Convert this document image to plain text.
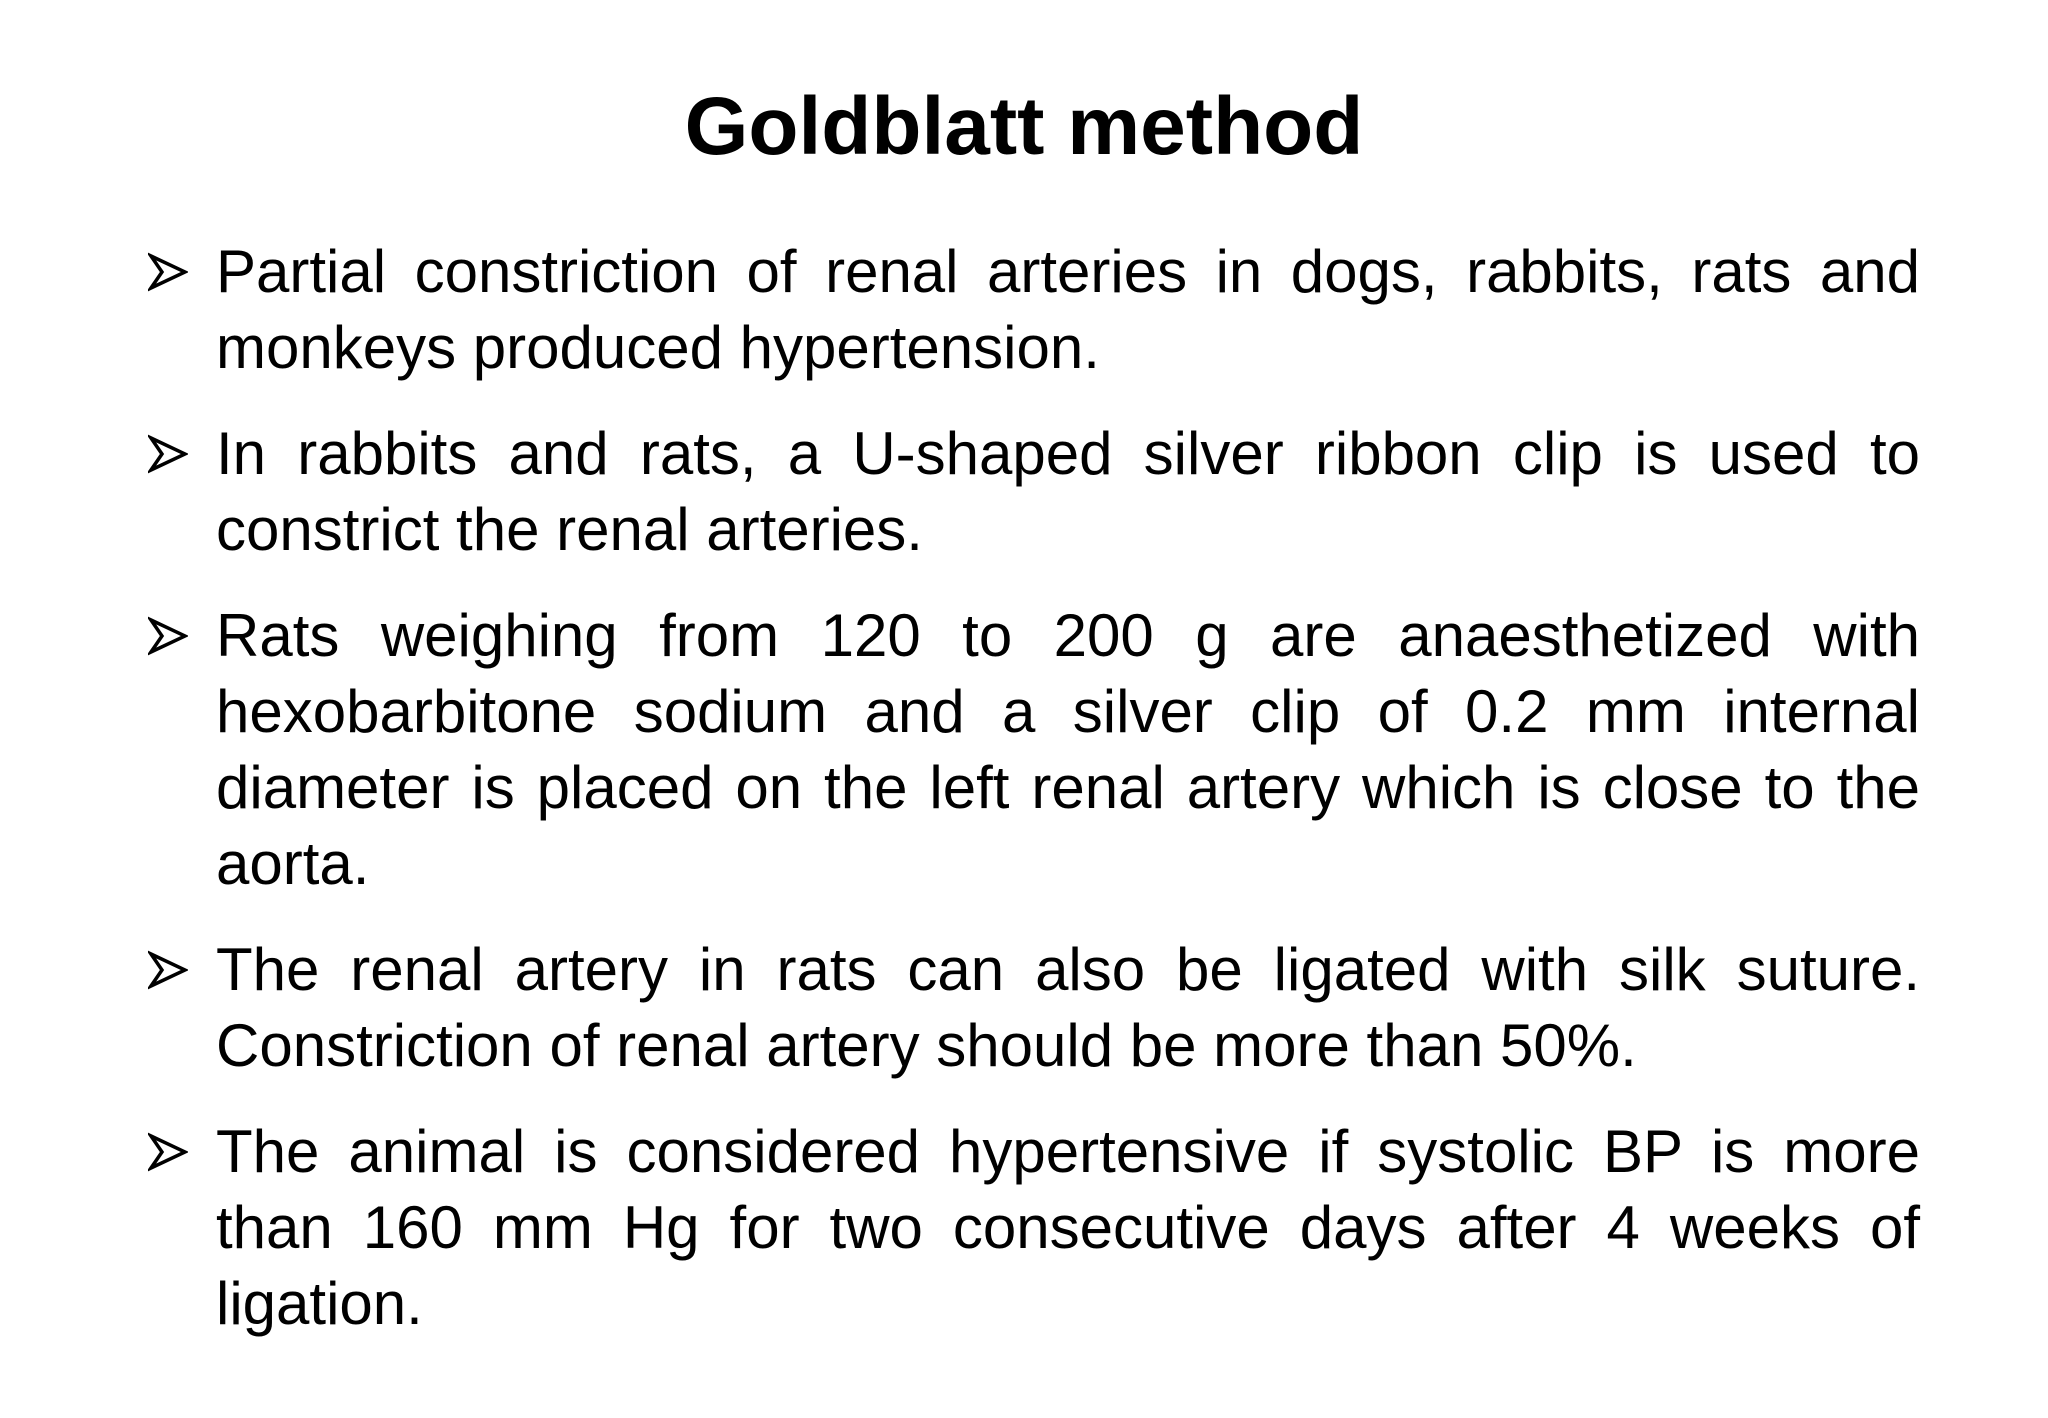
Goldblatt method
Partial constriction of renal arteries in dogs, rabbits, rats and monkeys produced hypertension.
In rabbits and rats, a U-shaped silver ribbon clip is used to constrict the renal arteries.
Rats weighing from 120 to 200 g are anaesthetized with hexobarbitone sodium and a silver clip of 0.2 mm internal diameter is placed on the left renal artery which is close to the aorta.
The renal artery in rats can also be ligated with silk suture. Constriction of renal artery should be more than 50%.
The animal is considered hypertensive if systolic BP is more than 160 mm Hg for two consecutive days after 4 weeks of ligation.
